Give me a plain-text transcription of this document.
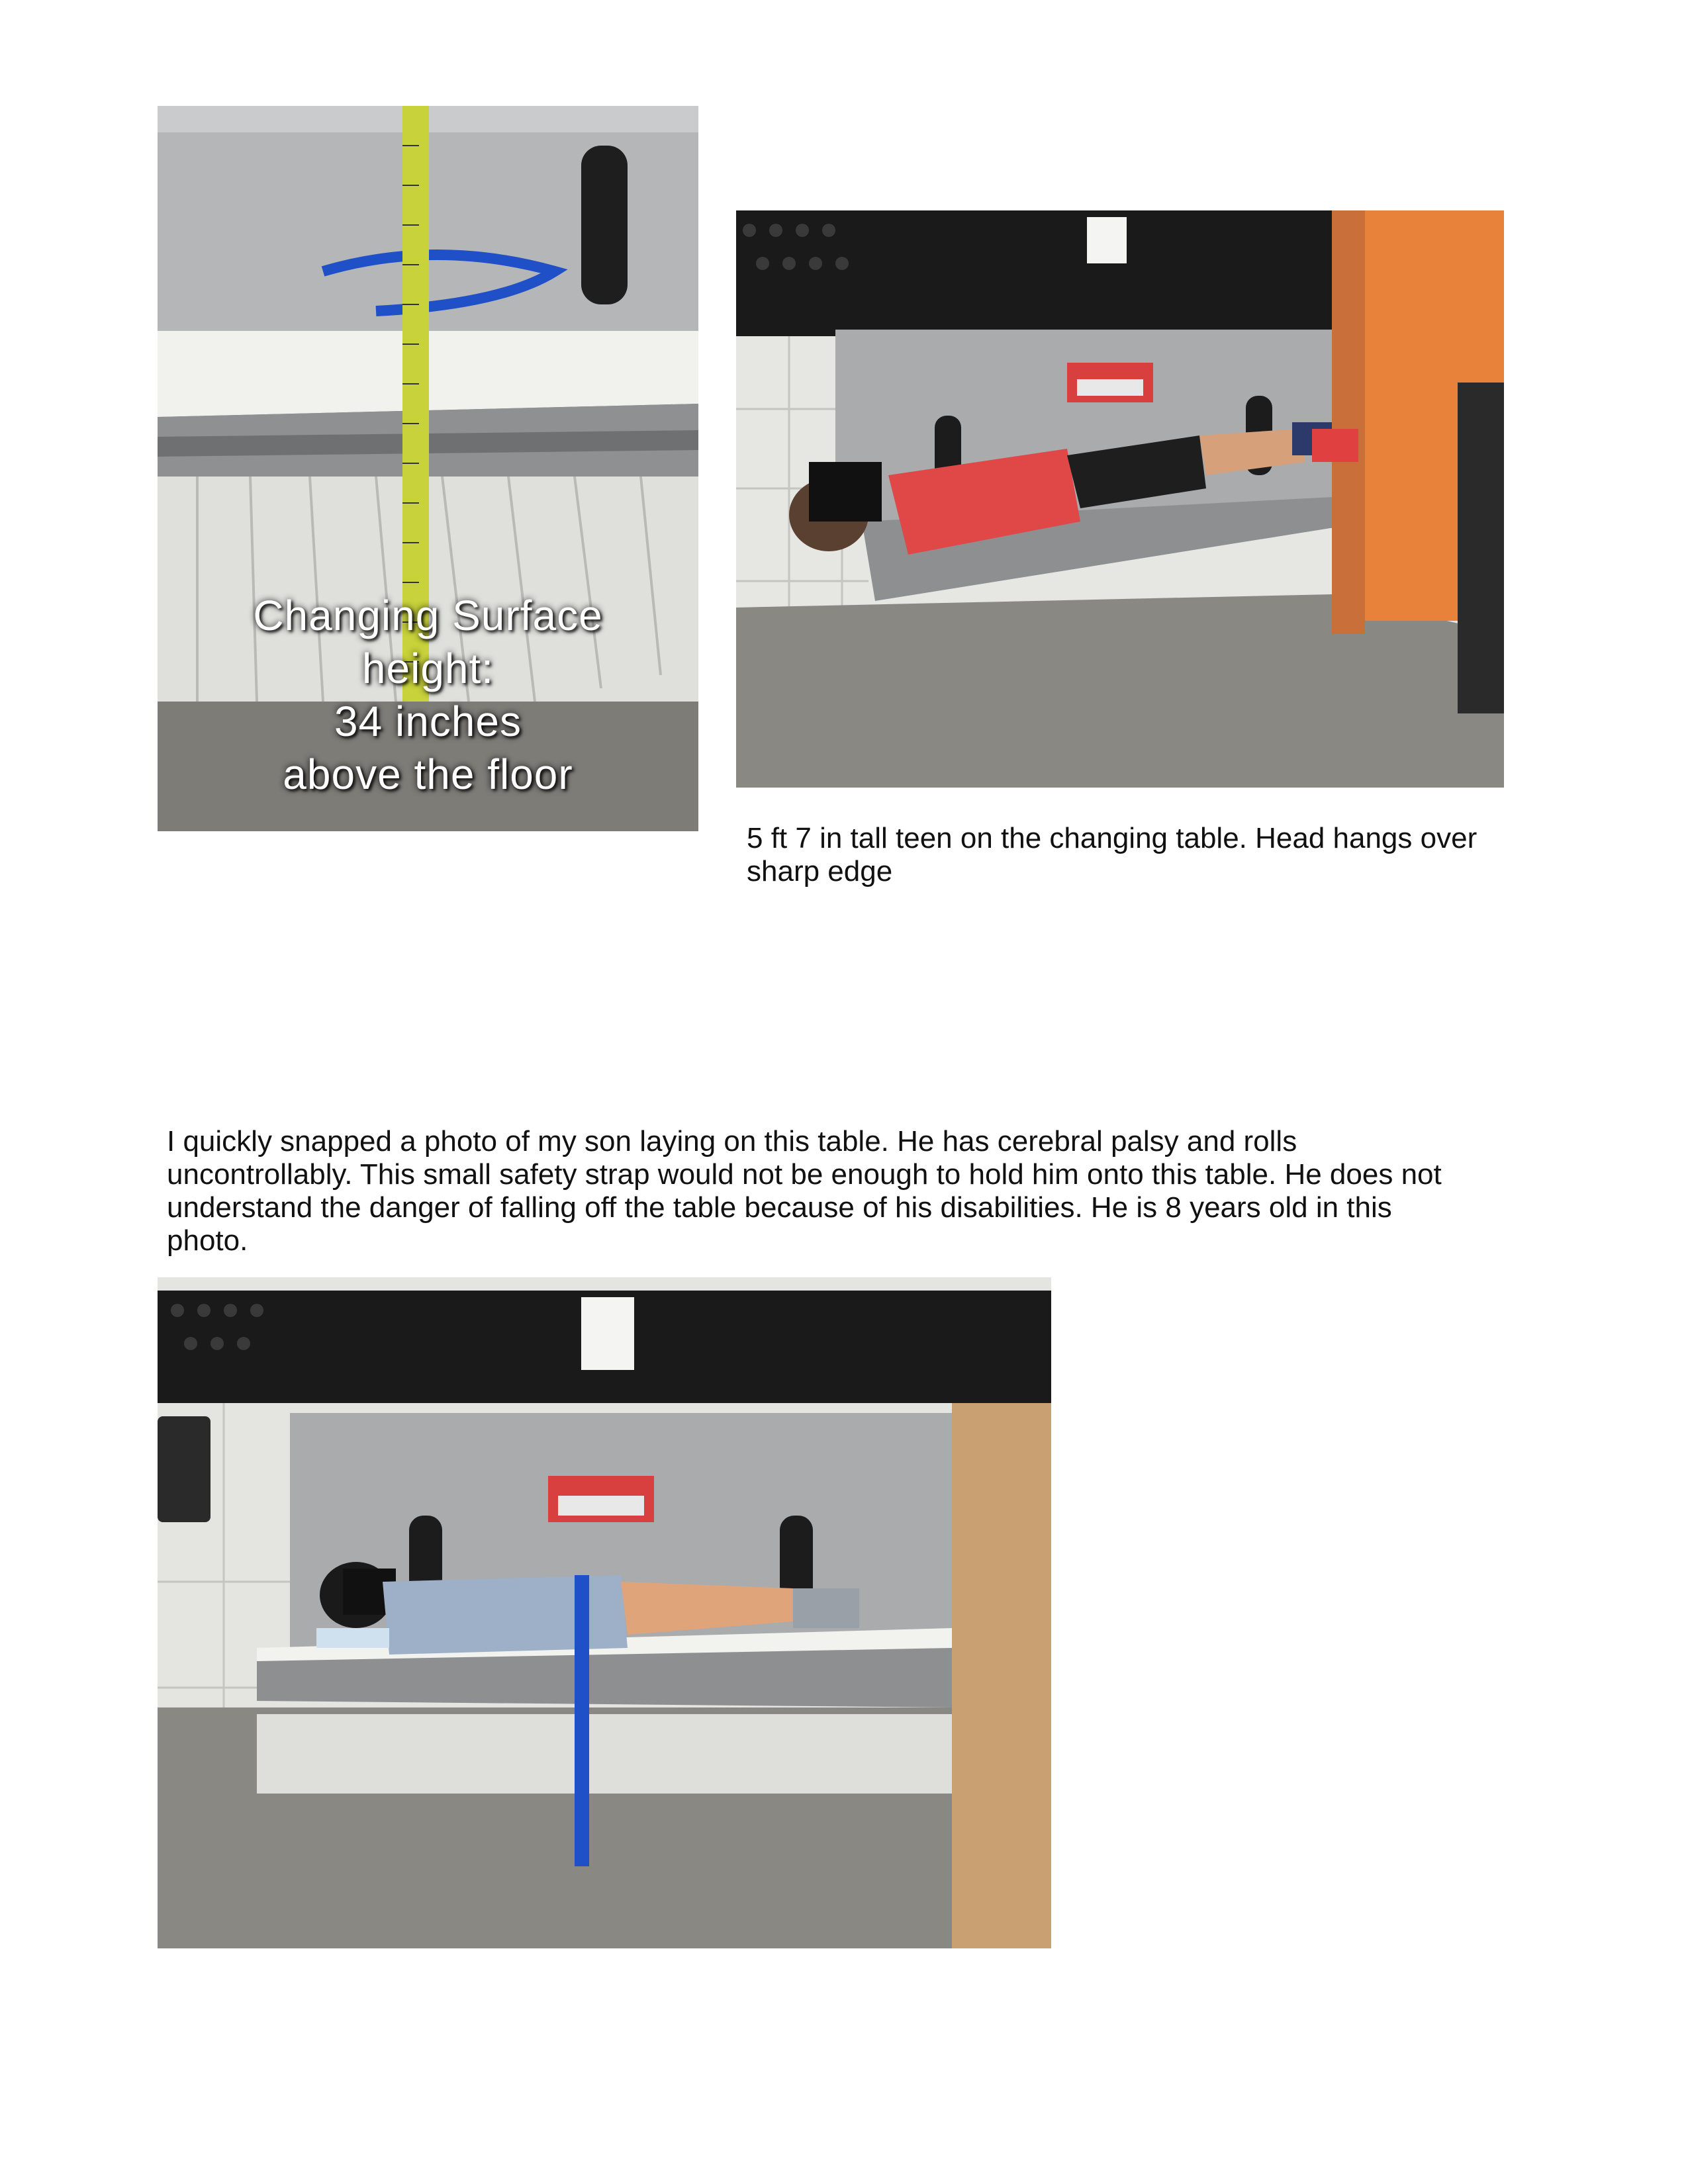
Changing Surface
height:
34 inches
above the floor
5 ft 7 in tall teen on the changing table. Head hangs over sharp edge
I quickly snapped a photo of my son laying on this table. He has cerebral palsy and rolls uncontrollably. This small safety strap would not be enough to hold him onto this table. He does not understand the danger of falling off the table because of his disabilities. He is 8 years old in this photo.
